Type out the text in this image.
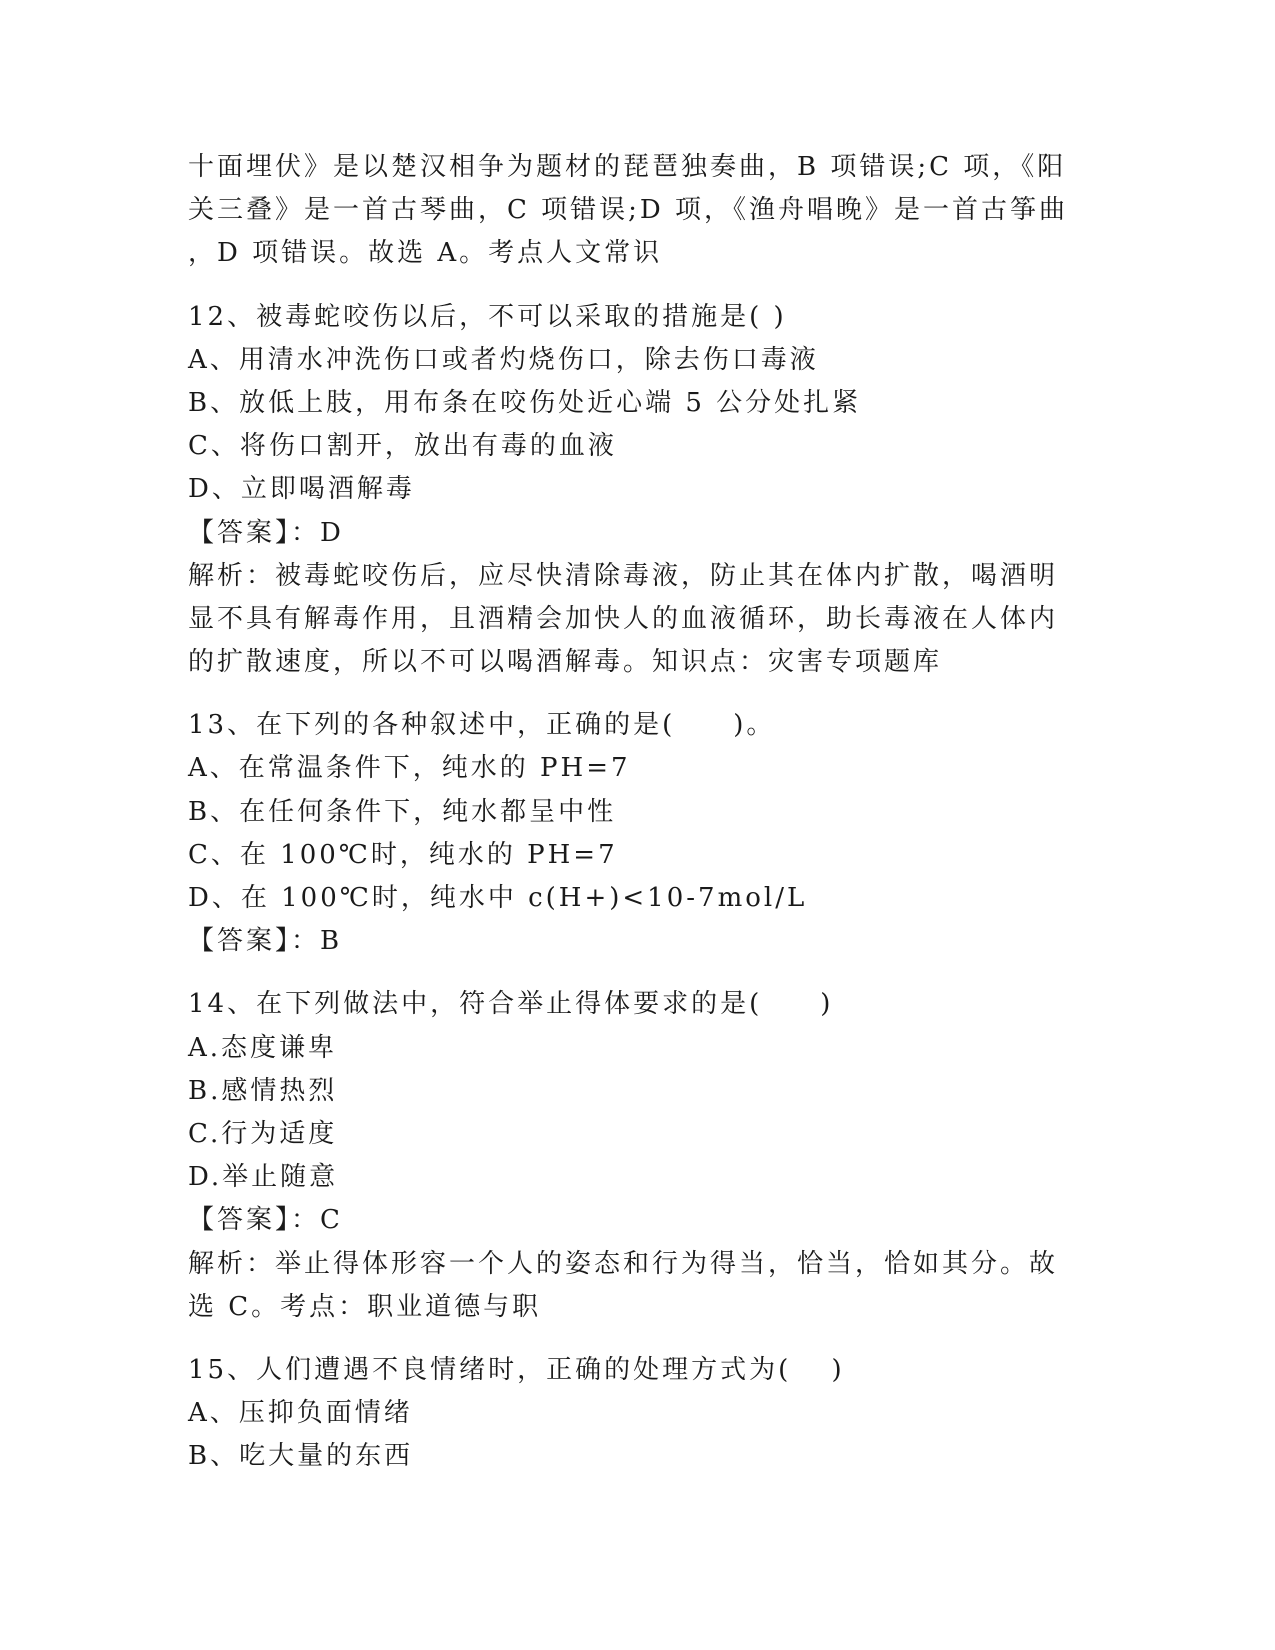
十面埋伏》是以楚汉相争为题材的琵琶独奏曲，B 项错误;C 项，《阳
关三叠》是一首古琴曲，C 项错误;D 项，《渔舟唱晚》是一首古筝曲
，D 项错误。故选 A。考点人文常识
12、被毒蛇咬伤以后，不可以采取的措施是( )
A、用清水冲洗伤口或者灼烧伤口，除去伤口毒液
B、放低上肢，用布条在咬伤处近心端 5 公分处扎紧
C、将伤口割开，放出有毒的血液
D、立即喝酒解毒
【答案】：D
解析：被毒蛇咬伤后，应尽快清除毒液，防止其在体内扩散，喝酒明
显不具有解毒作用，且酒精会加快人的血液循环，助长毒液在人体内
的扩散速度，所以不可以喝酒解毒。知识点：灾害专项题库
13、在下列的各种叙述中，正确的是(　　)。
A、在常温条件下，纯水的 PH=7
B、在任何条件下，纯水都呈中性
C、在 100℃时，纯水的 PH=7
D、在 100℃时，纯水中 c(H+)<10-7mol/L
【答案】：B
14、在下列做法中，符合举止得体要求的是(　　)
A.态度谦卑
B.感情热烈
C.行为适度
D.举止随意
【答案】：C
解析：举止得体形容一个人的姿态和行为得当，恰当，恰如其分。故
选 C。考点：职业道德与职
15、人们遭遇不良情绪时，正确的处理方式为(　 )
A、压抑负面情绪
B、吃大量的东西
